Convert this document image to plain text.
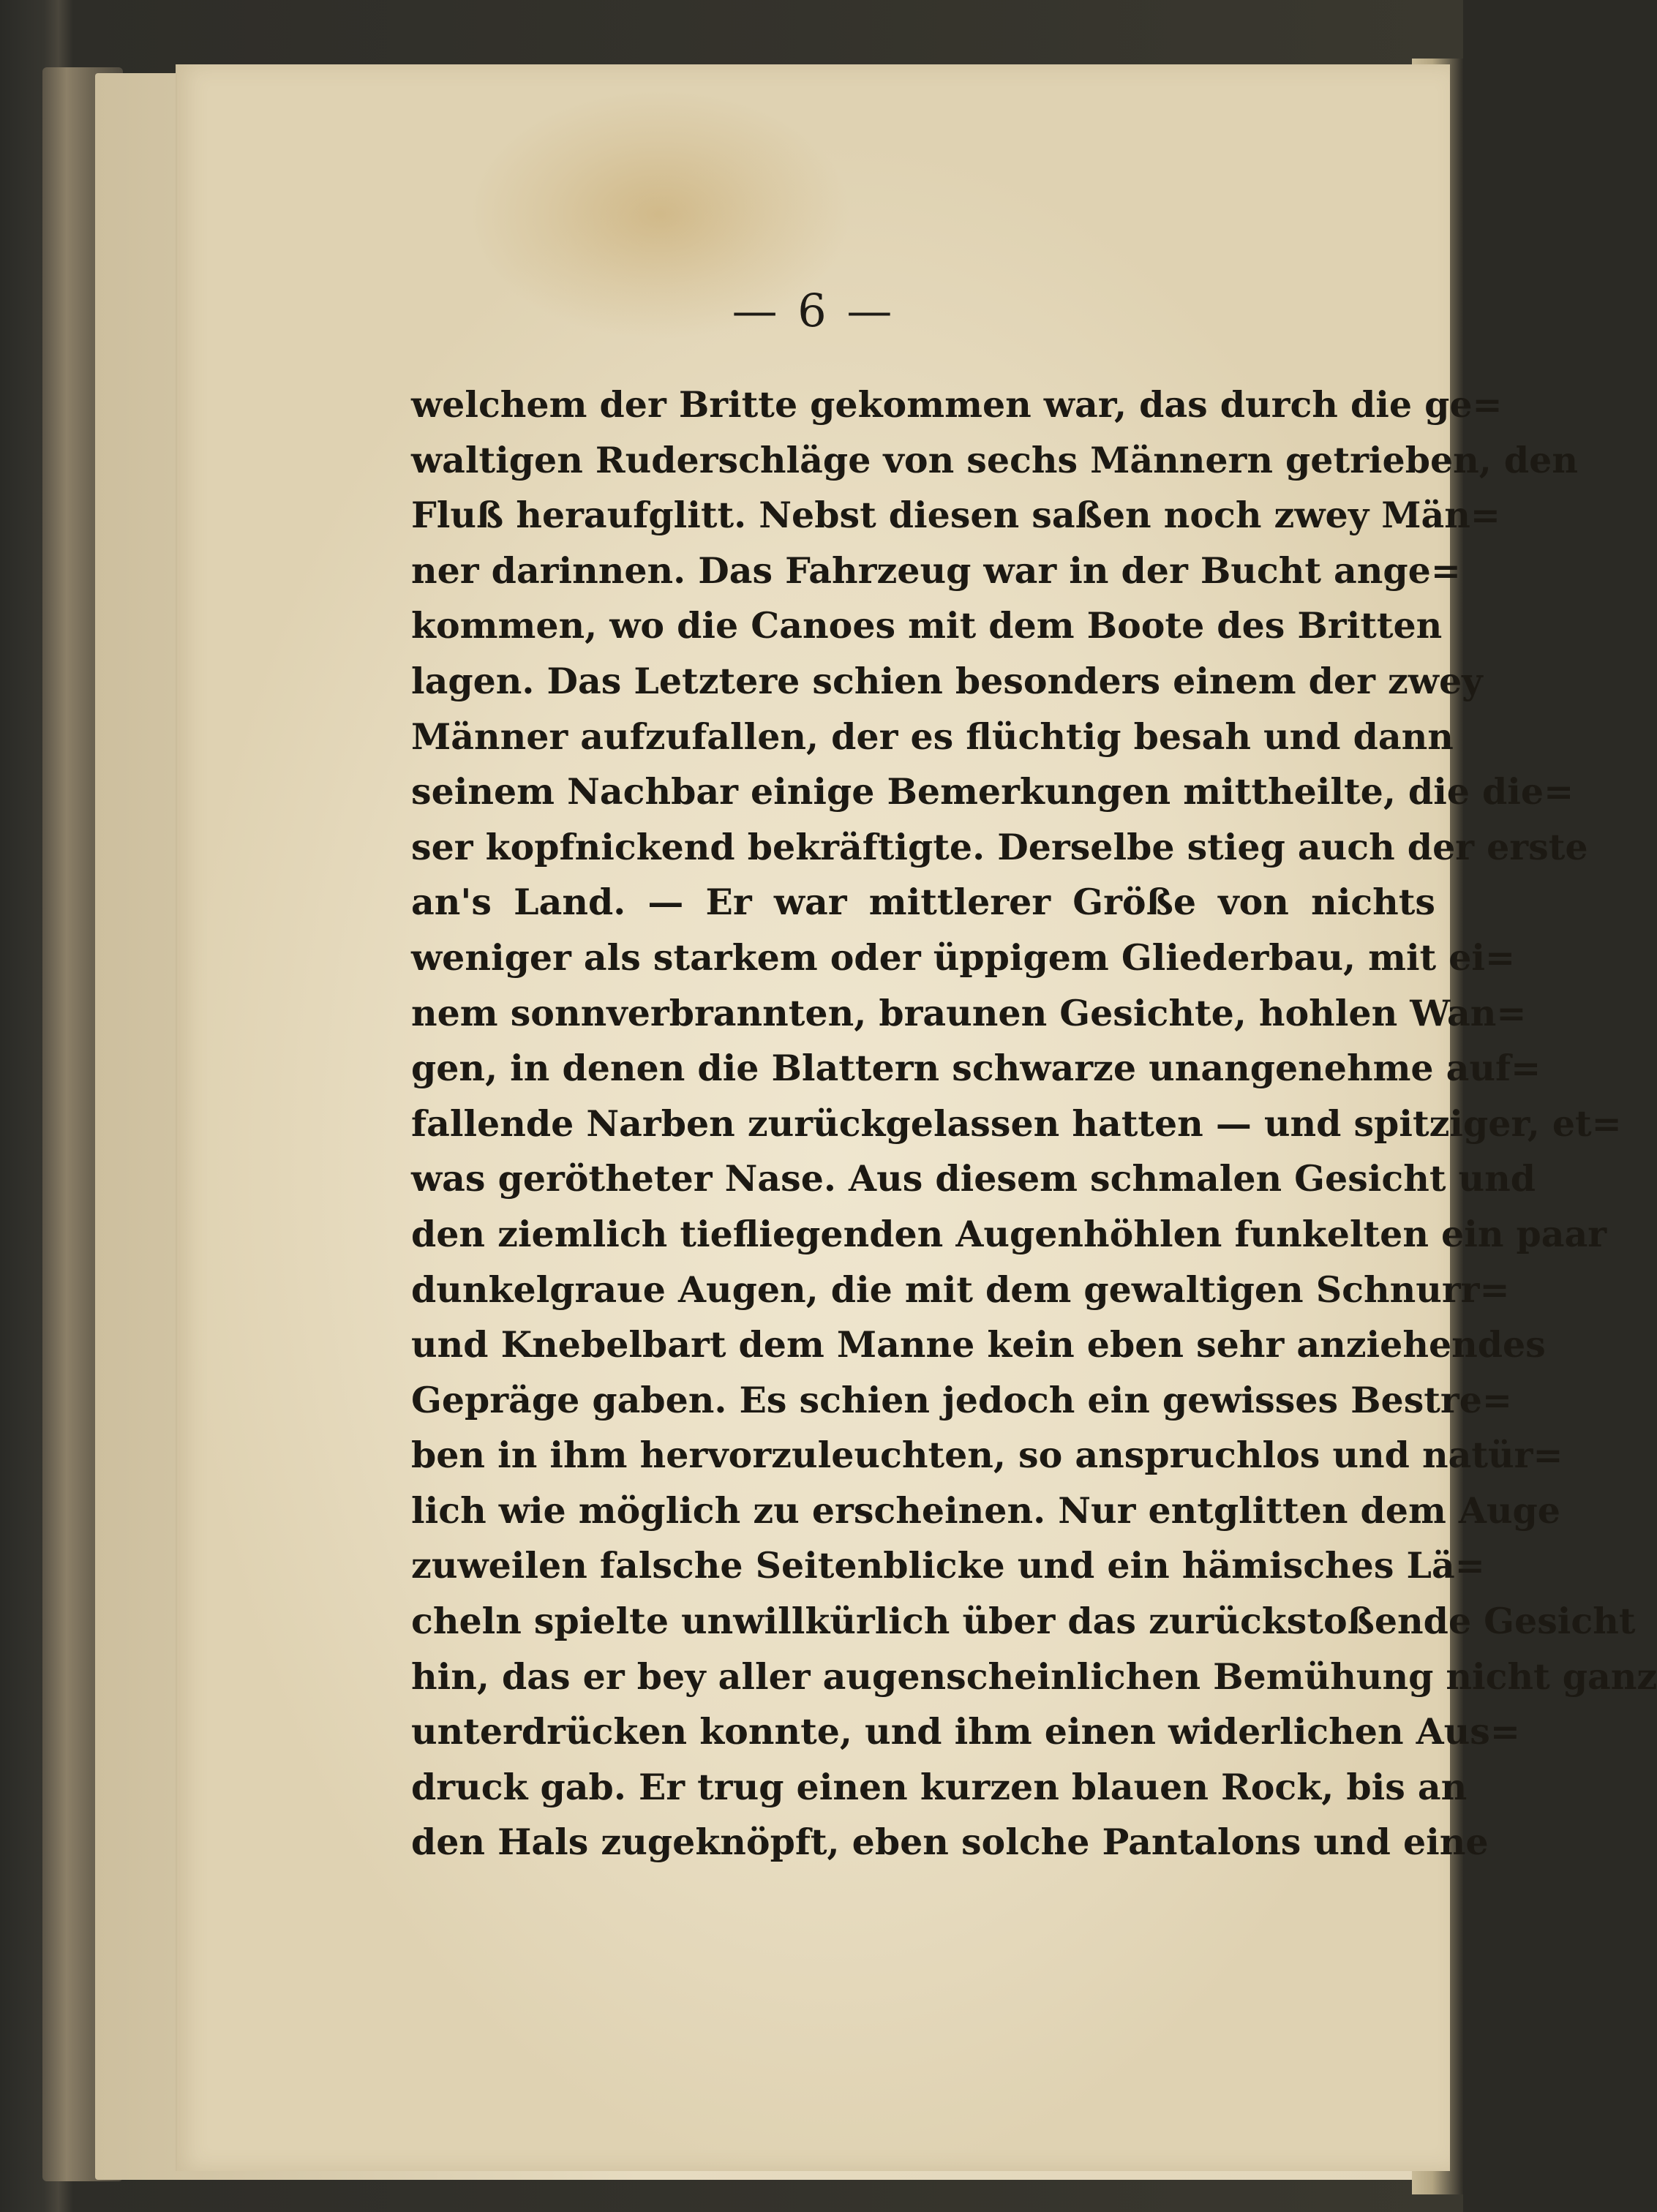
— 6 —
welchem der Britte gekommen war, das durch die ge=
waltigen Ruderschläge von sechs Männern getrieben, den
Fluß heraufglitt. Nebst diesen saßen noch zwey Män=
ner darinnen. Das Fahrzeug war in der Bucht ange=
kommen, wo die Canoes mit dem Boote des Britten
lagen. Das Letztere schien besonders einem der zwey
Männer aufzufallen, der es flüchtig besah und dann
seinem Nachbar einige Bemerkungen mittheilte, die die=
ser kopfnickend bekräftigte. Derselbe stieg auch der erste
an's Land. — Er war mittlerer Größe von nichts
weniger als starkem oder üppigem Gliederbau, mit ei=
nem sonnverbrannten, braunen Gesichte, hohlen Wan=
gen, in denen die Blattern schwarze unangenehme auf=
fallende Narben zurückgelassen hatten — und spitziger, et=
was gerötheter Nase. Aus diesem schmalen Gesicht und
den ziemlich tiefliegenden Augenhöhlen funkelten ein paar
dunkelgraue Augen, die mit dem gewaltigen Schnurr=
und Knebelbart dem Manne kein eben sehr anziehendes
Gepräge gaben. Es schien jedoch ein gewisses Bestre=
ben in ihm hervorzuleuchten, so anspruchlos und natür=
lich wie möglich zu erscheinen. Nur entglitten dem Auge
zuweilen falsche Seitenblicke und ein hämisches Lä=
cheln spielte unwillkürlich über das zurückstoßende Gesicht
hin, das er bey aller augenscheinlichen Bemühung nicht ganz
unterdrücken konnte, und ihm einen widerlichen Aus=
druck gab. Er trug einen kurzen blauen Rock, bis an
den Hals zugeknöpft, eben solche Pantalons und eine
